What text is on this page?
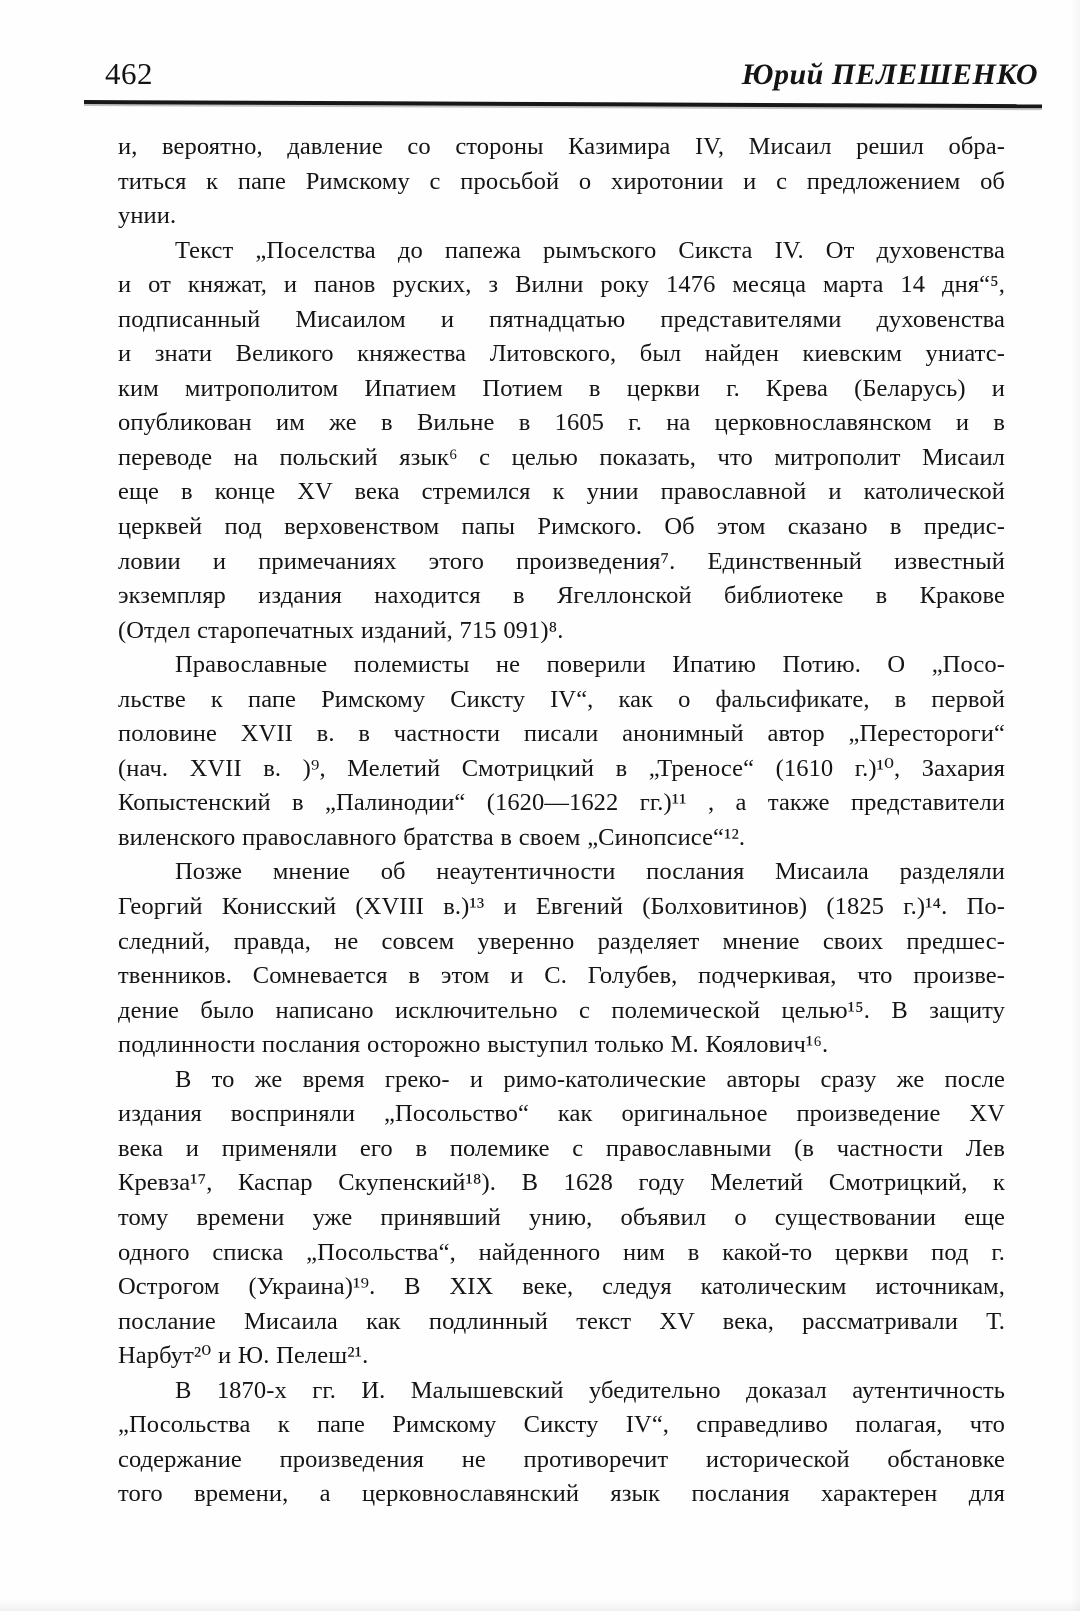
462	Юрий ПЕЛЕШЕНКО
и, вероятно, давление со стороны Казимира IV, Мисаил решил обра-
титься к папе Римскому с просьбой о хиротонии и с предложением об
унии.
Текст „Поселства до папежа рымъского Сикста IV. От духовенства
и от княжат, и панов руских, з Вилни року 1476 месяца марта 14 дня“⁵,
подписанный Мисаилом и пятнадцатью представителями духовенства
и знати Великого княжества Литовского, был найден киевским униатс-
ким митрополитом Ипатием Потием в церкви г. Крева (Беларусь) и
опубликован им же в Вильне в 1605 г. на церковнославянском и в
переводе на польский язык⁶ с целью показать, что митрополит Мисаил
еще в конце XV века стремился к унии православной и католической
церквей под верховенством папы Римского. Об этом сказано в предис-
ловии и примечаниях этого произведения⁷. Единственный известный
экземпляр издания находится в Ягеллонской библиотеке в Кракове
(Отдел старопечатных изданий, 715 091)⁸.
Православные полемисты не поверили Ипатию Потию. О „Посо-
льстве к папе Римскому Сиксту IV“, как о фальсификате, в первой
половине XVII в. в частности писали анонимный автор „Перестороги“
(нач. XVII в. )⁹, Мелетий Смотрицкий в „Треносе“ (1610 г.)¹⁰, Захария
Копыстенский в „Палинодии“ (1620—1622 гг.)¹¹ , а также представители
виленского православного братства в своем „Синопсисе“¹².
Позже мнение об неаутентичности послания Мисаила разделяли
Георгий Конисский (XVIII в.)¹³ и Евгений (Болховитинов) (1825 г.)¹⁴. По-
следний, правда, не совсем уверенно разделяет мнение своих предшес-
твенников. Сомневается в этом и С. Голубев, подчеркивая, что произве-
дение было написано исключительно с полемической целью¹⁵. В защиту
подлинности послания осторожно выступил только М. Коялович¹⁶.
В то же время греко- и римо-католические авторы сразу же после
издания восприняли „Посольство“ как оригинальное произведение XV
века и применяли его в полемике с православными (в частности Лев
Кревза¹⁷, Каспар Скупенский¹⁸). В 1628 году Мелетий Смотрицкий, к
тому времени уже принявший унию, объявил о существовании еще
одного списка „Посольства“, найденного ним в какой-то церкви под г.
Острогом (Украина)¹⁹. В XIX веке, следуя католическим источникам,
послание Мисаила как подлинный текст XV века, рассматривали Т.
Нарбут²⁰ и Ю. Пелеш²¹.
В 1870-х гг. И. Малышевский убедительно доказал аутентичность
„Посольства к папе Римскому Сиксту IV“, справедливо полагая, что
содержание произведения не противоречит исторической обстановке
того времени, а церковнославянский язык послания характерен для
